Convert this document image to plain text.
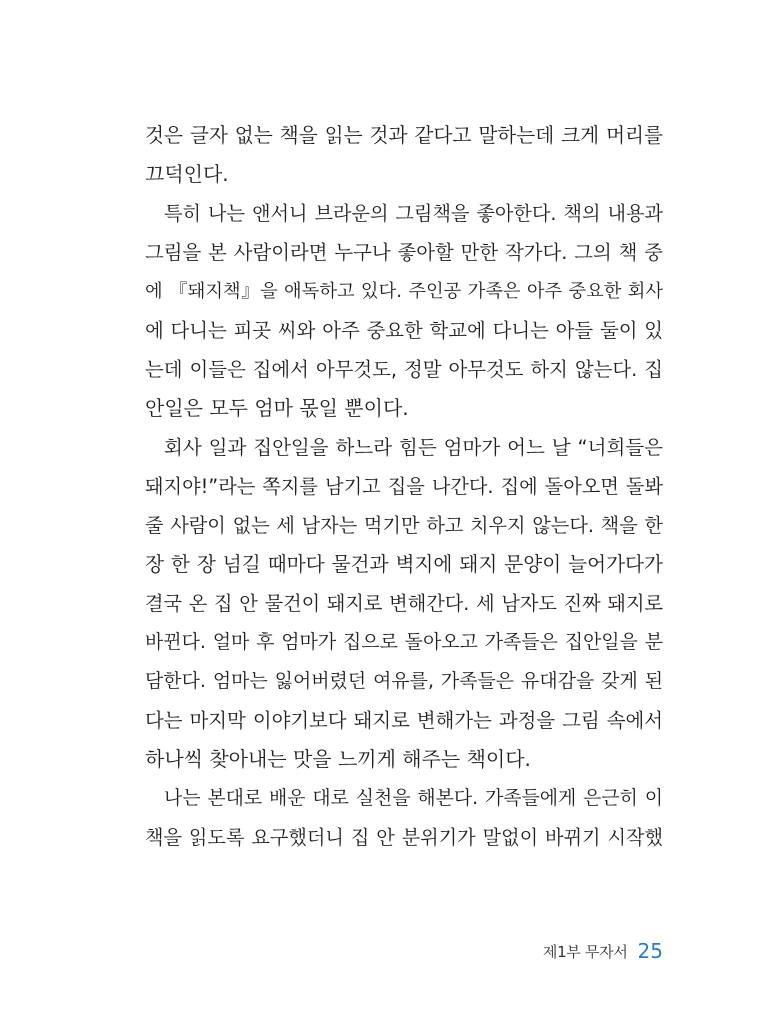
것은 글자 없는 책을 읽는 것과 같다고 말하는데 크게 머리를
끄덕인다.
특히 나는 앤서니 브라운의 그림책을 좋아한다. 책의 내용과
그림을 본 사람이라면 누구나 좋아할 만한 작가다. 그의 책 중
에 『돼지책』을 애독하고 있다. 주인공 가족은 아주 중요한 회사
에 다니는 피곳 씨와 아주 중요한 학교에 다니는 아들 둘이 있
는데 이들은 집에서 아무것도, 정말 아무것도 하지 않는다. 집
안일은 모두 엄마 몫일 뿐이다.
회사 일과 집안일을 하느라 힘든 엄마가 어느 날 “너희들은
돼지야!”라는 쪽지를 남기고 집을 나간다. 집에 돌아오면 돌봐
줄 사람이 없는 세 남자는 먹기만 하고 치우지 않는다. 책을 한
장 한 장 넘길 때마다 물건과 벽지에 돼지 문양이 늘어가다가
결국 온 집 안 물건이 돼지로 변해간다. 세 남자도 진짜 돼지로
바뀐다. 얼마 후 엄마가 집으로 돌아오고 가족들은 집안일을 분
담한다. 엄마는 잃어버렸던 여유를, 가족들은 유대감을 갖게 된
다는 마지막 이야기보다 돼지로 변해가는 과정을 그림 속에서
하나씩 찾아내는 맛을 느끼게 해주는 책이다.
나는 본대로 배운 대로 실천을 해본다. 가족들에게 은근히 이
책을 읽도록 요구했더니 집 안 분위기가 말없이 바뀌기 시작했
제1부 무자서 25
